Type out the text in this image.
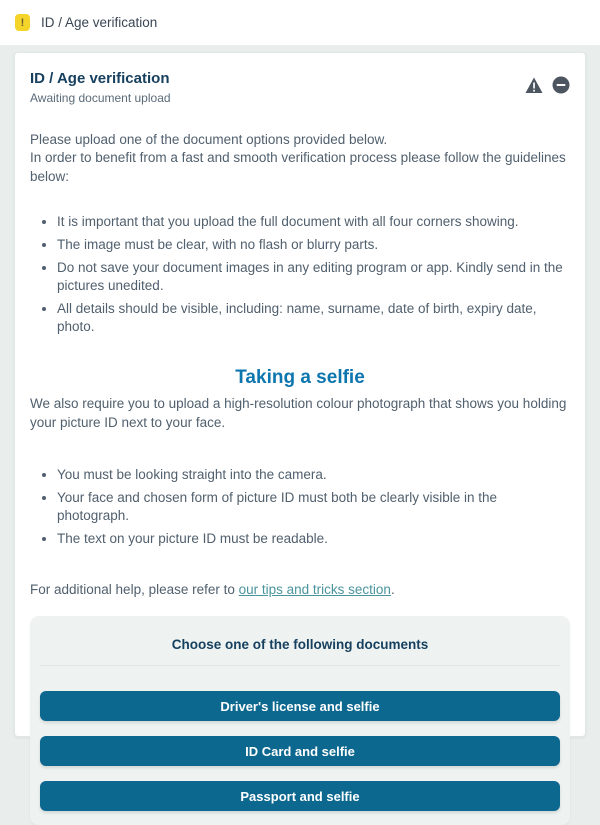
!	ID / Age verification
ID / Age verification
Awaiting document upload
Please upload one of the document options provided below.
In order to benefit from a fast and smooth verification process please follow the guidelines below:
• It is important that you upload the full document with all four corners showing.
• The image must be clear, with no flash or blurry parts.
• Do not save your document images in any editing program or app. Kindly send in the pictures unedited.
• All details should be visible, including: name, surname, date of birth, expiry date, photo.
Taking a selfie
We also require you to upload a high-resolution colour photograph that shows you holding your picture ID next to your face.
• You must be looking straight into the camera.
• Your face and chosen form of picture ID must both be clearly visible in the photograph.
• The text on your picture ID must be readable.
For additional help, please refer to our tips and tricks section.
Choose one of the following documents
Driver's license and selfie
ID Card and selfie
Passport and selfie
